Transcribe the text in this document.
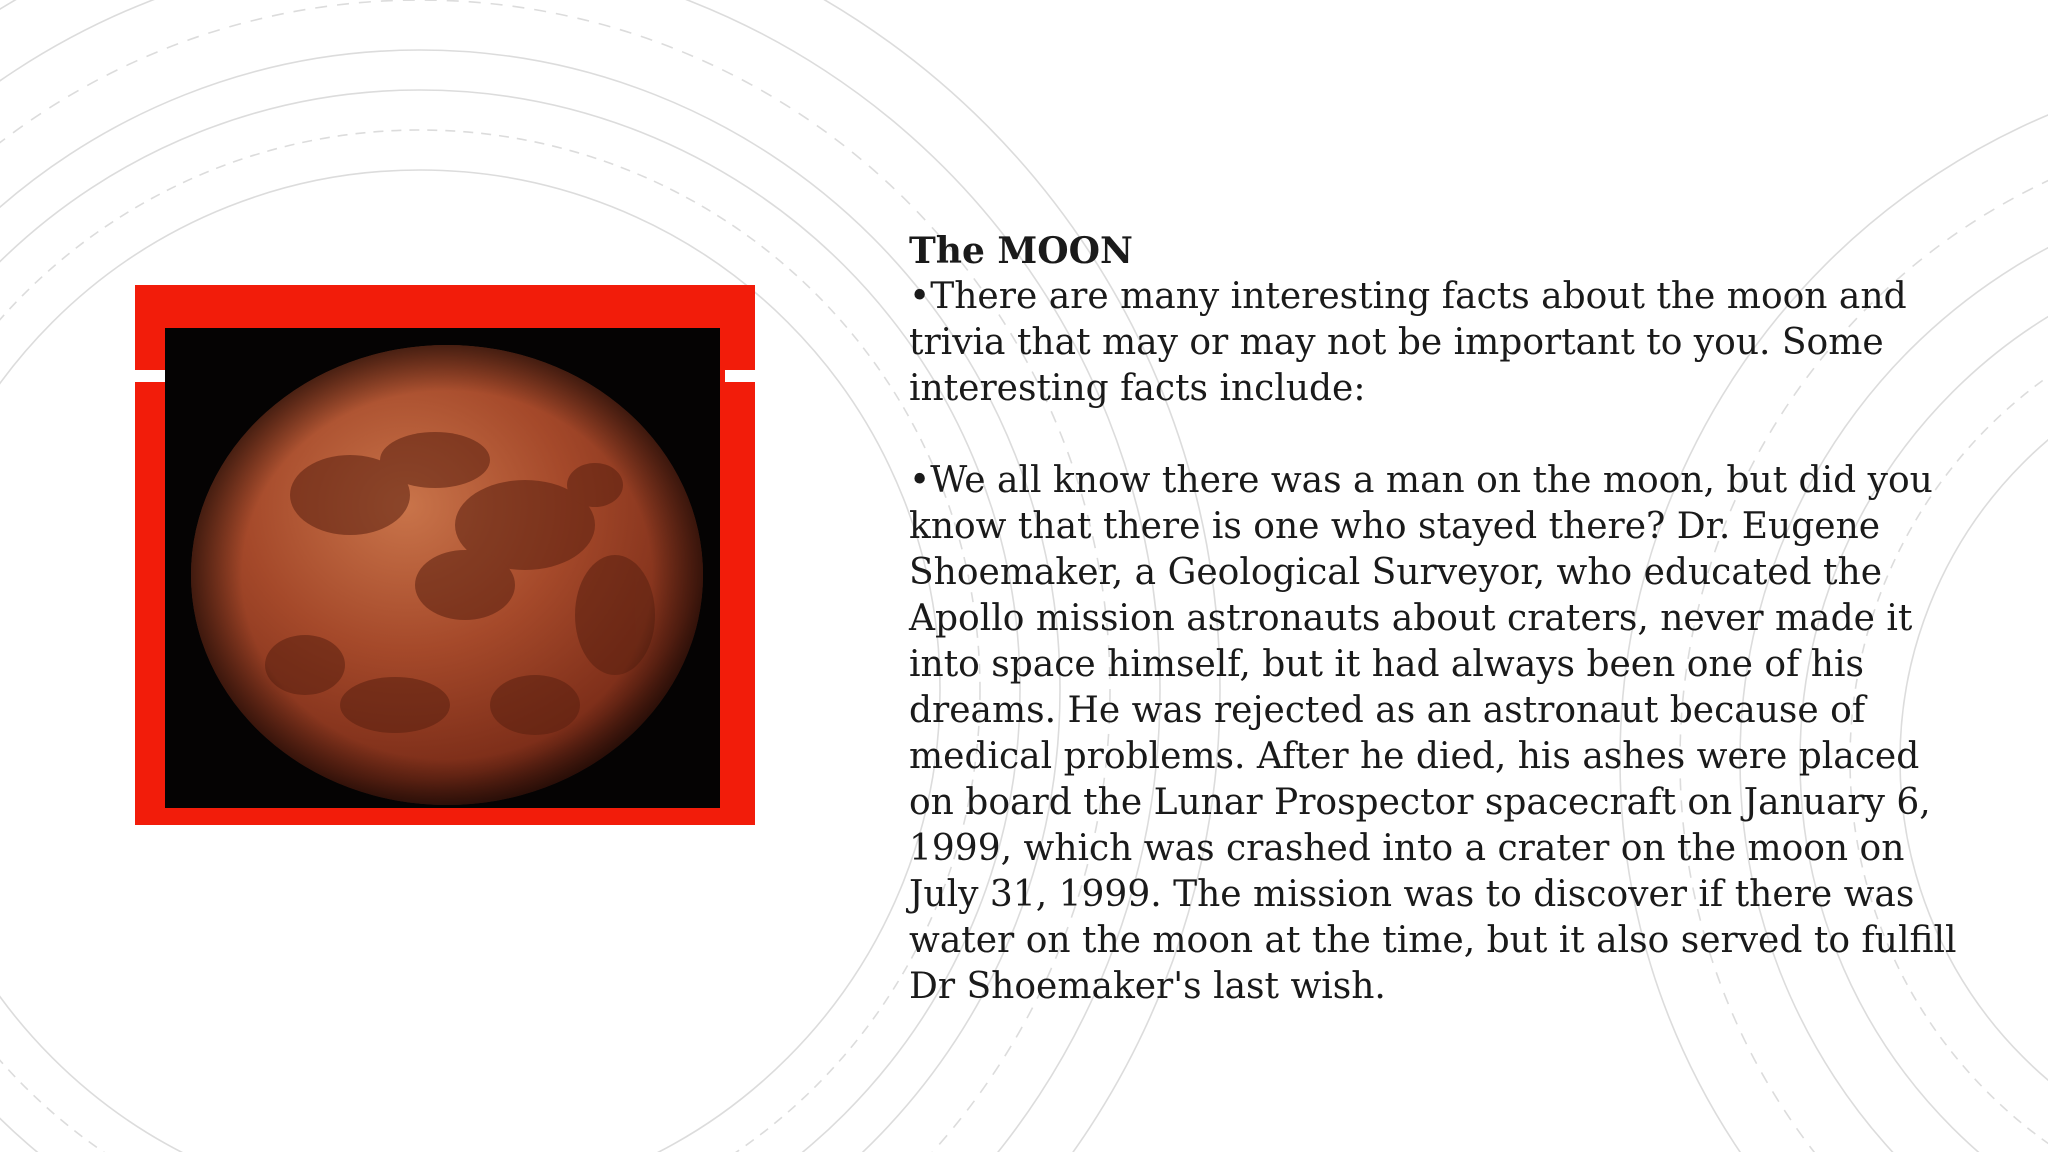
The MOON

•There are many interesting facts about the moon and trivia that may or may not be important to you. Some interesting facts include:

•We all know there was a man on the moon, but did you know that there is one who stayed there? Dr. Eugene Shoemaker, a Geological Surveyor, who educated the Apollo mission astronauts about craters, never made it into space himself, but it had always been one of his dreams. He was rejected as an astronaut because of medical problems. After he died, his ashes were placed on board the Lunar Prospector spacecraft on January 6, 1999, which was crashed into a crater on the moon on July 31, 1999. The mission was to discover if there was water on the moon at the time, but it also served to fulfill Dr Shoemaker's last wish.
